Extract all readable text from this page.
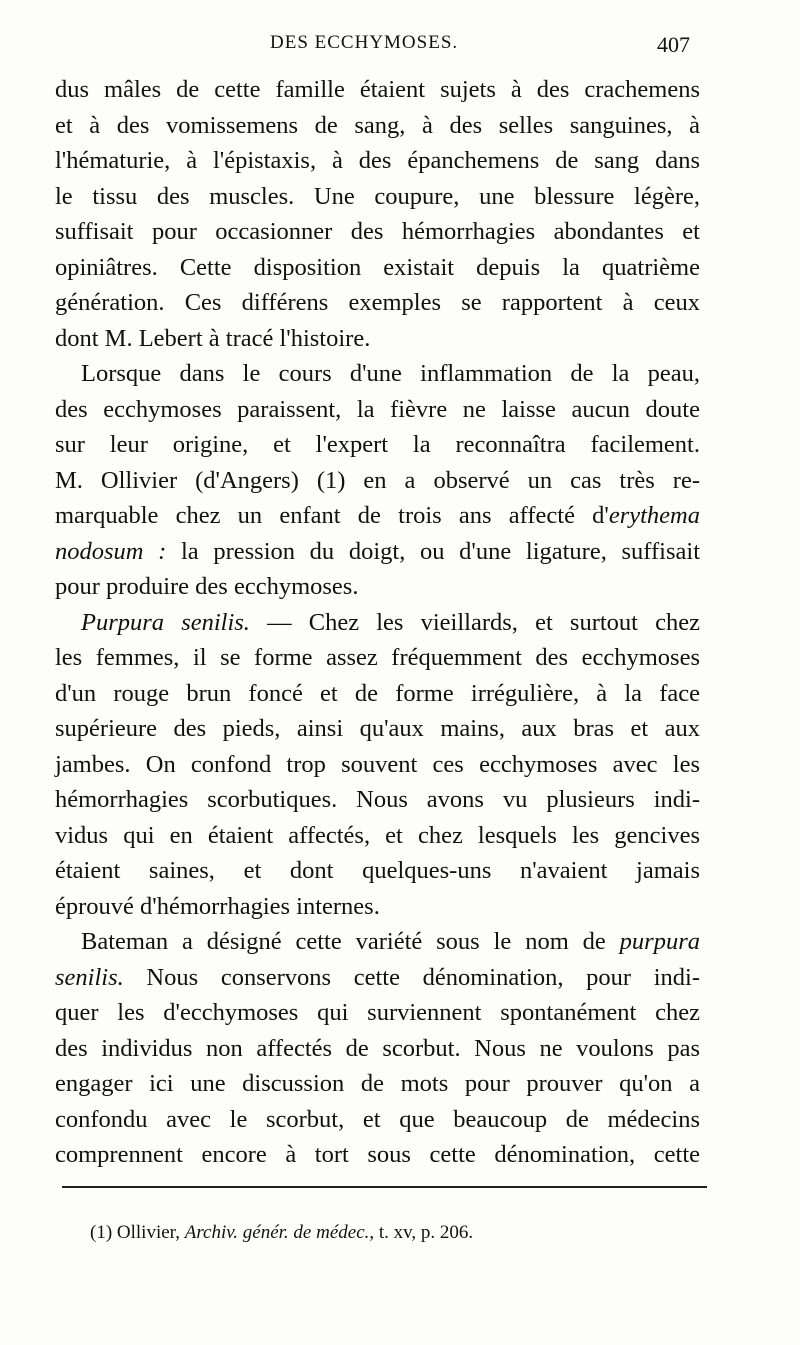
DES ECCHYMOSES.	407
dus mâles de cette famille étaient sujets à des crachemens
et à des vomissemens de sang, à des selles sanguines, à
l'hématurie, à l'épistaxis, à des épanchemens de sang dans
le tissu des muscles. Une coupure, une blessure légère,
suffisait pour occasionner des hémorrhagies abondantes et
opiniâtres. Cette disposition existait depuis la quatrième
génération. Ces différens exemples se rapportent à ceux
dont M. Lebert à tracé l'histoire.
Lorsque dans le cours d'une inflammation de la peau,
des ecchymoses paraissent, la fièvre ne laisse aucun doute
sur leur origine, et l'expert la reconnaîtra facilement.
M. Ollivier (d'Angers) (1) en a observé un cas très re-
marquable chez un enfant de trois ans affecté d'erythema
nodosum : la pression du doigt, ou d'une ligature, suffisait
pour produire des ecchymoses.
Purpura senilis. — Chez les vieillards, et surtout chez
les femmes, il se forme assez fréquemment des ecchymoses
d'un rouge brun foncé et de forme irrégulière, à la face
supérieure des pieds, ainsi qu'aux mains, aux bras et aux
jambes. On confond trop souvent ces ecchymoses avec les
hémorrhagies scorbutiques. Nous avons vu plusieurs indi-
vidus qui en étaient affectés, et chez lesquels les gencives
étaient saines, et dont quelques-uns n'avaient jamais
éprouvé d'hémorrhagies internes.
Bateman a désigné cette variété sous le nom de purpura
senilis. Nous conservons cette dénomination, pour indi-
quer les d'ecchymoses qui surviennent spontanément chez
des individus non affectés de scorbut. Nous ne voulons pas
engager ici une discussion de mots pour prouver qu'on a
confondu avec le scorbut, et que beaucoup de médecins
comprennent encore à tort sous cette dénomination, cette
(1) Ollivier, Archiv. génér. de médec., t. xv, p. 206.
